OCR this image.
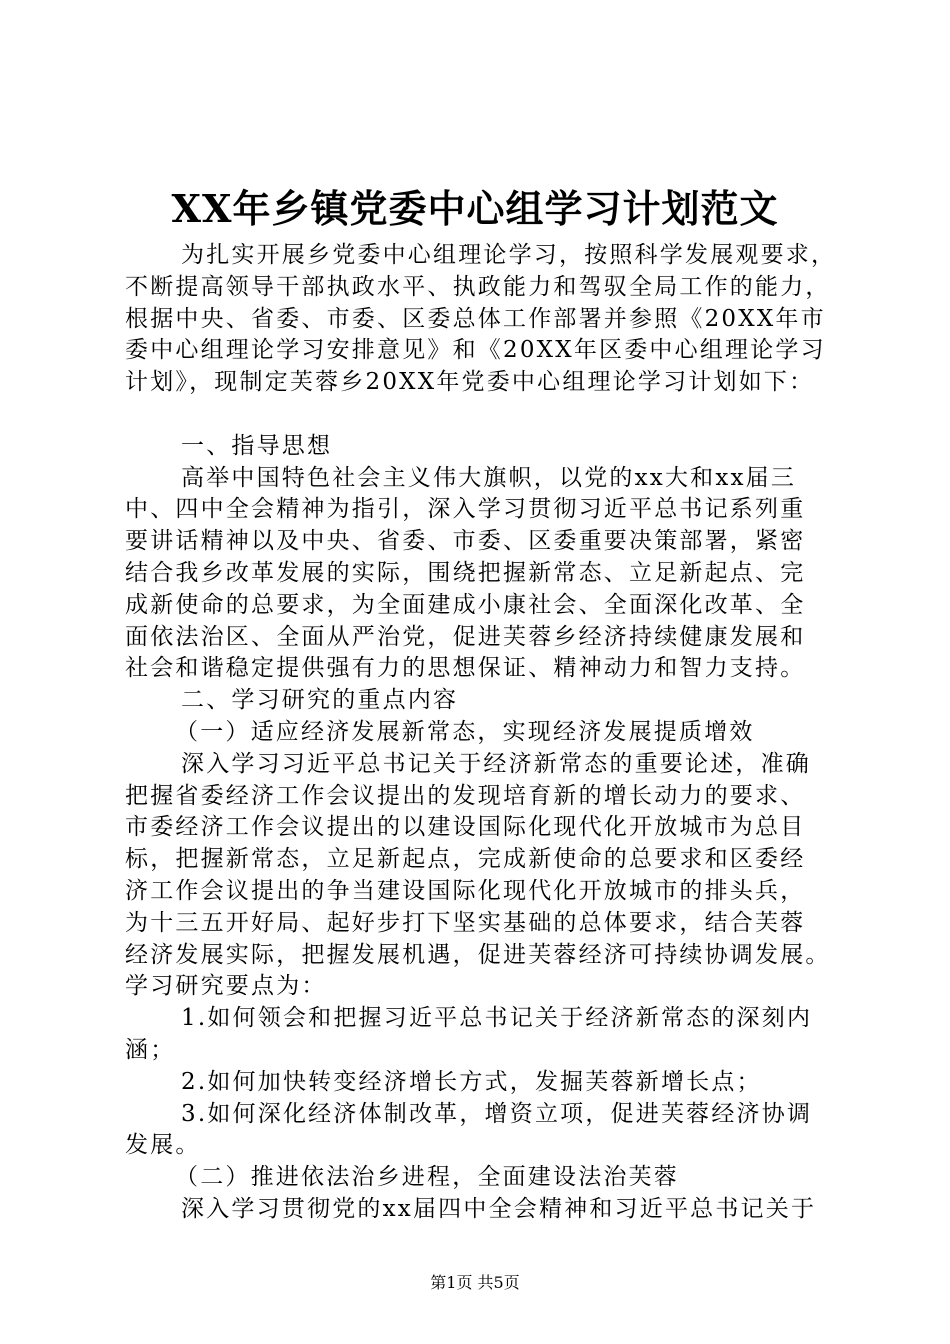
XX年乡镇党委中心组学习计划范文
为扎实开展乡党委中心组理论学习，按照科学发展观要求，
不断提高领导干部执政水平、执政能力和驾驭全局工作的能力，
根据中央、省委、市委、区委总体工作部署并参照《20XX年市
委中心组理论学习安排意见》和《20XX年区委中心组理论学习
计划》，现制定芙蓉乡20XX年党委中心组理论学习计划如下：
一、指导思想
高举中国特色社会主义伟大旗帜，以党的xx大和xx届三
中、四中全会精神为指引，深入学习贯彻习近平总书记系列重
要讲话精神以及中央、省委、市委、区委重要决策部署，紧密
结合我乡改革发展的实际，围绕把握新常态、立足新起点、完
成新使命的总要求，为全面建成小康社会、全面深化改革、全
面依法治区、全面从严治党，促进芙蓉乡经济持续健康发展和
社会和谐稳定提供强有力的思想保证、精神动力和智力支持。
二、学习研究的重点内容
（一）适应经济发展新常态，实现经济发展提质增效
深入学习习近平总书记关于经济新常态的重要论述，准确
把握省委经济工作会议提出的发现培育新的增长动力的要求、
市委经济工作会议提出的以建设国际化现代化开放城市为总目
标，把握新常态，立足新起点，完成新使命的总要求和区委经
济工作会议提出的争当建设国际化现代化开放城市的排头兵，
为十三五开好局、起好步打下坚实基础的总体要求，结合芙蓉
经济发展实际，把握发展机遇，促进芙蓉经济可持续协调发展。
学习研究要点为：
1.如何领会和把握习近平总书记关于经济新常态的深刻内
涵；
2.如何加快转变经济增长方式，发掘芙蓉新增长点；
3.如何深化经济体制改革，增资立项，促进芙蓉经济协调
发展。
（二）推进依法治乡进程，全面建设法治芙蓉
深入学习贯彻党的xx届四中全会精神和习近平总书记关于
第1页 共5页
